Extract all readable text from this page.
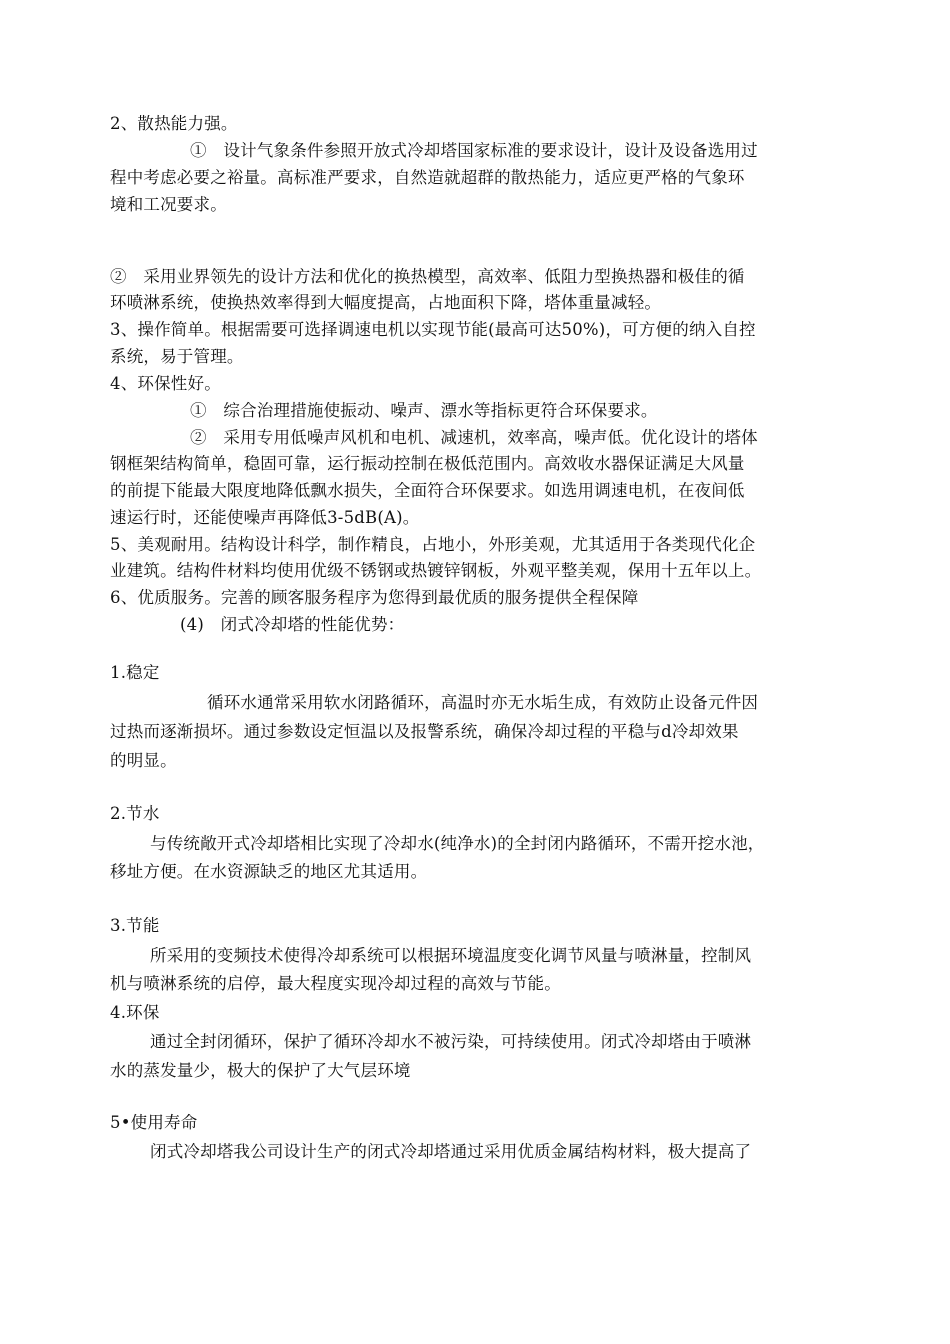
2、散热能力强。
①　设计气象条件参照开放式冷却塔国家标准的要求设计，设计及设备选用过
程中考虑必要之裕量。高标准严要求，自然造就超群的散热能力，适应更严格的气象环
境和工况要求。
②　采用业界领先的设计方法和优化的换热模型，高效率、低阻力型换热器和极佳的循
环喷淋系统，使换热效率得到大幅度提高，占地面积下降，塔体重量减轻。
3、操作简单。根据需要可选择调速电机以实现节能(最高可达50%)，可方便的纳入自控
系统，易于管理。
4、环保性好。
①　综合治理措施使振动、噪声、漂水等指标更符合环保要求。
②　采用专用低噪声风机和电机、减速机，效率高，噪声低。优化设计的塔体
钢框架结构简单，稳固可靠，运行振动控制在极低范围内。高效收水器保证满足大风量
的前提下能最大限度地降低飘水损失，全面符合环保要求。如选用调速电机，在夜间低
速运行时，还能使噪声再降低3-5dB(A)。
5、美观耐用。结构设计科学，制作精良，占地小，外形美观，尤其适用于各类现代化企
业建筑。结构件材料均使用优级不锈钢或热镀锌钢板，外观平整美观，保用十五年以上。
6、优质服务。完善的顾客服务程序为您得到最优质的服务提供全程保障
(4)　闭式冷却塔的性能优势：
1.稳定
循环水通常采用软水闭路循环，高温时亦无水垢生成，有效防止设备元件因
过热而逐渐损坏。通过参数设定恒温以及报警系统，确保冷却过程的平稳与d冷却效果
的明显。
2.节水
与传统敞开式冷却塔相比实现了冷却水(纯净水)的全封闭内路循环，不需开挖水池，
移址方便。在水资源缺乏的地区尤其适用。
3.节能
所采用的变频技术使得冷却系统可以根据环境温度变化调节风量与喷淋量，控制风
机与喷淋系统的启停，最大程度实现冷却过程的高效与节能。
4.环保
通过全封闭循环，保护了循环冷却水不被污染，可持续使用。闭式冷却塔由于喷淋
水的蒸发量少，极大的保护了大气层环境
5•使用寿命
闭式冷却塔我公司设计生产的闭式冷却塔通过采用优质金属结构材料，极大提高了
